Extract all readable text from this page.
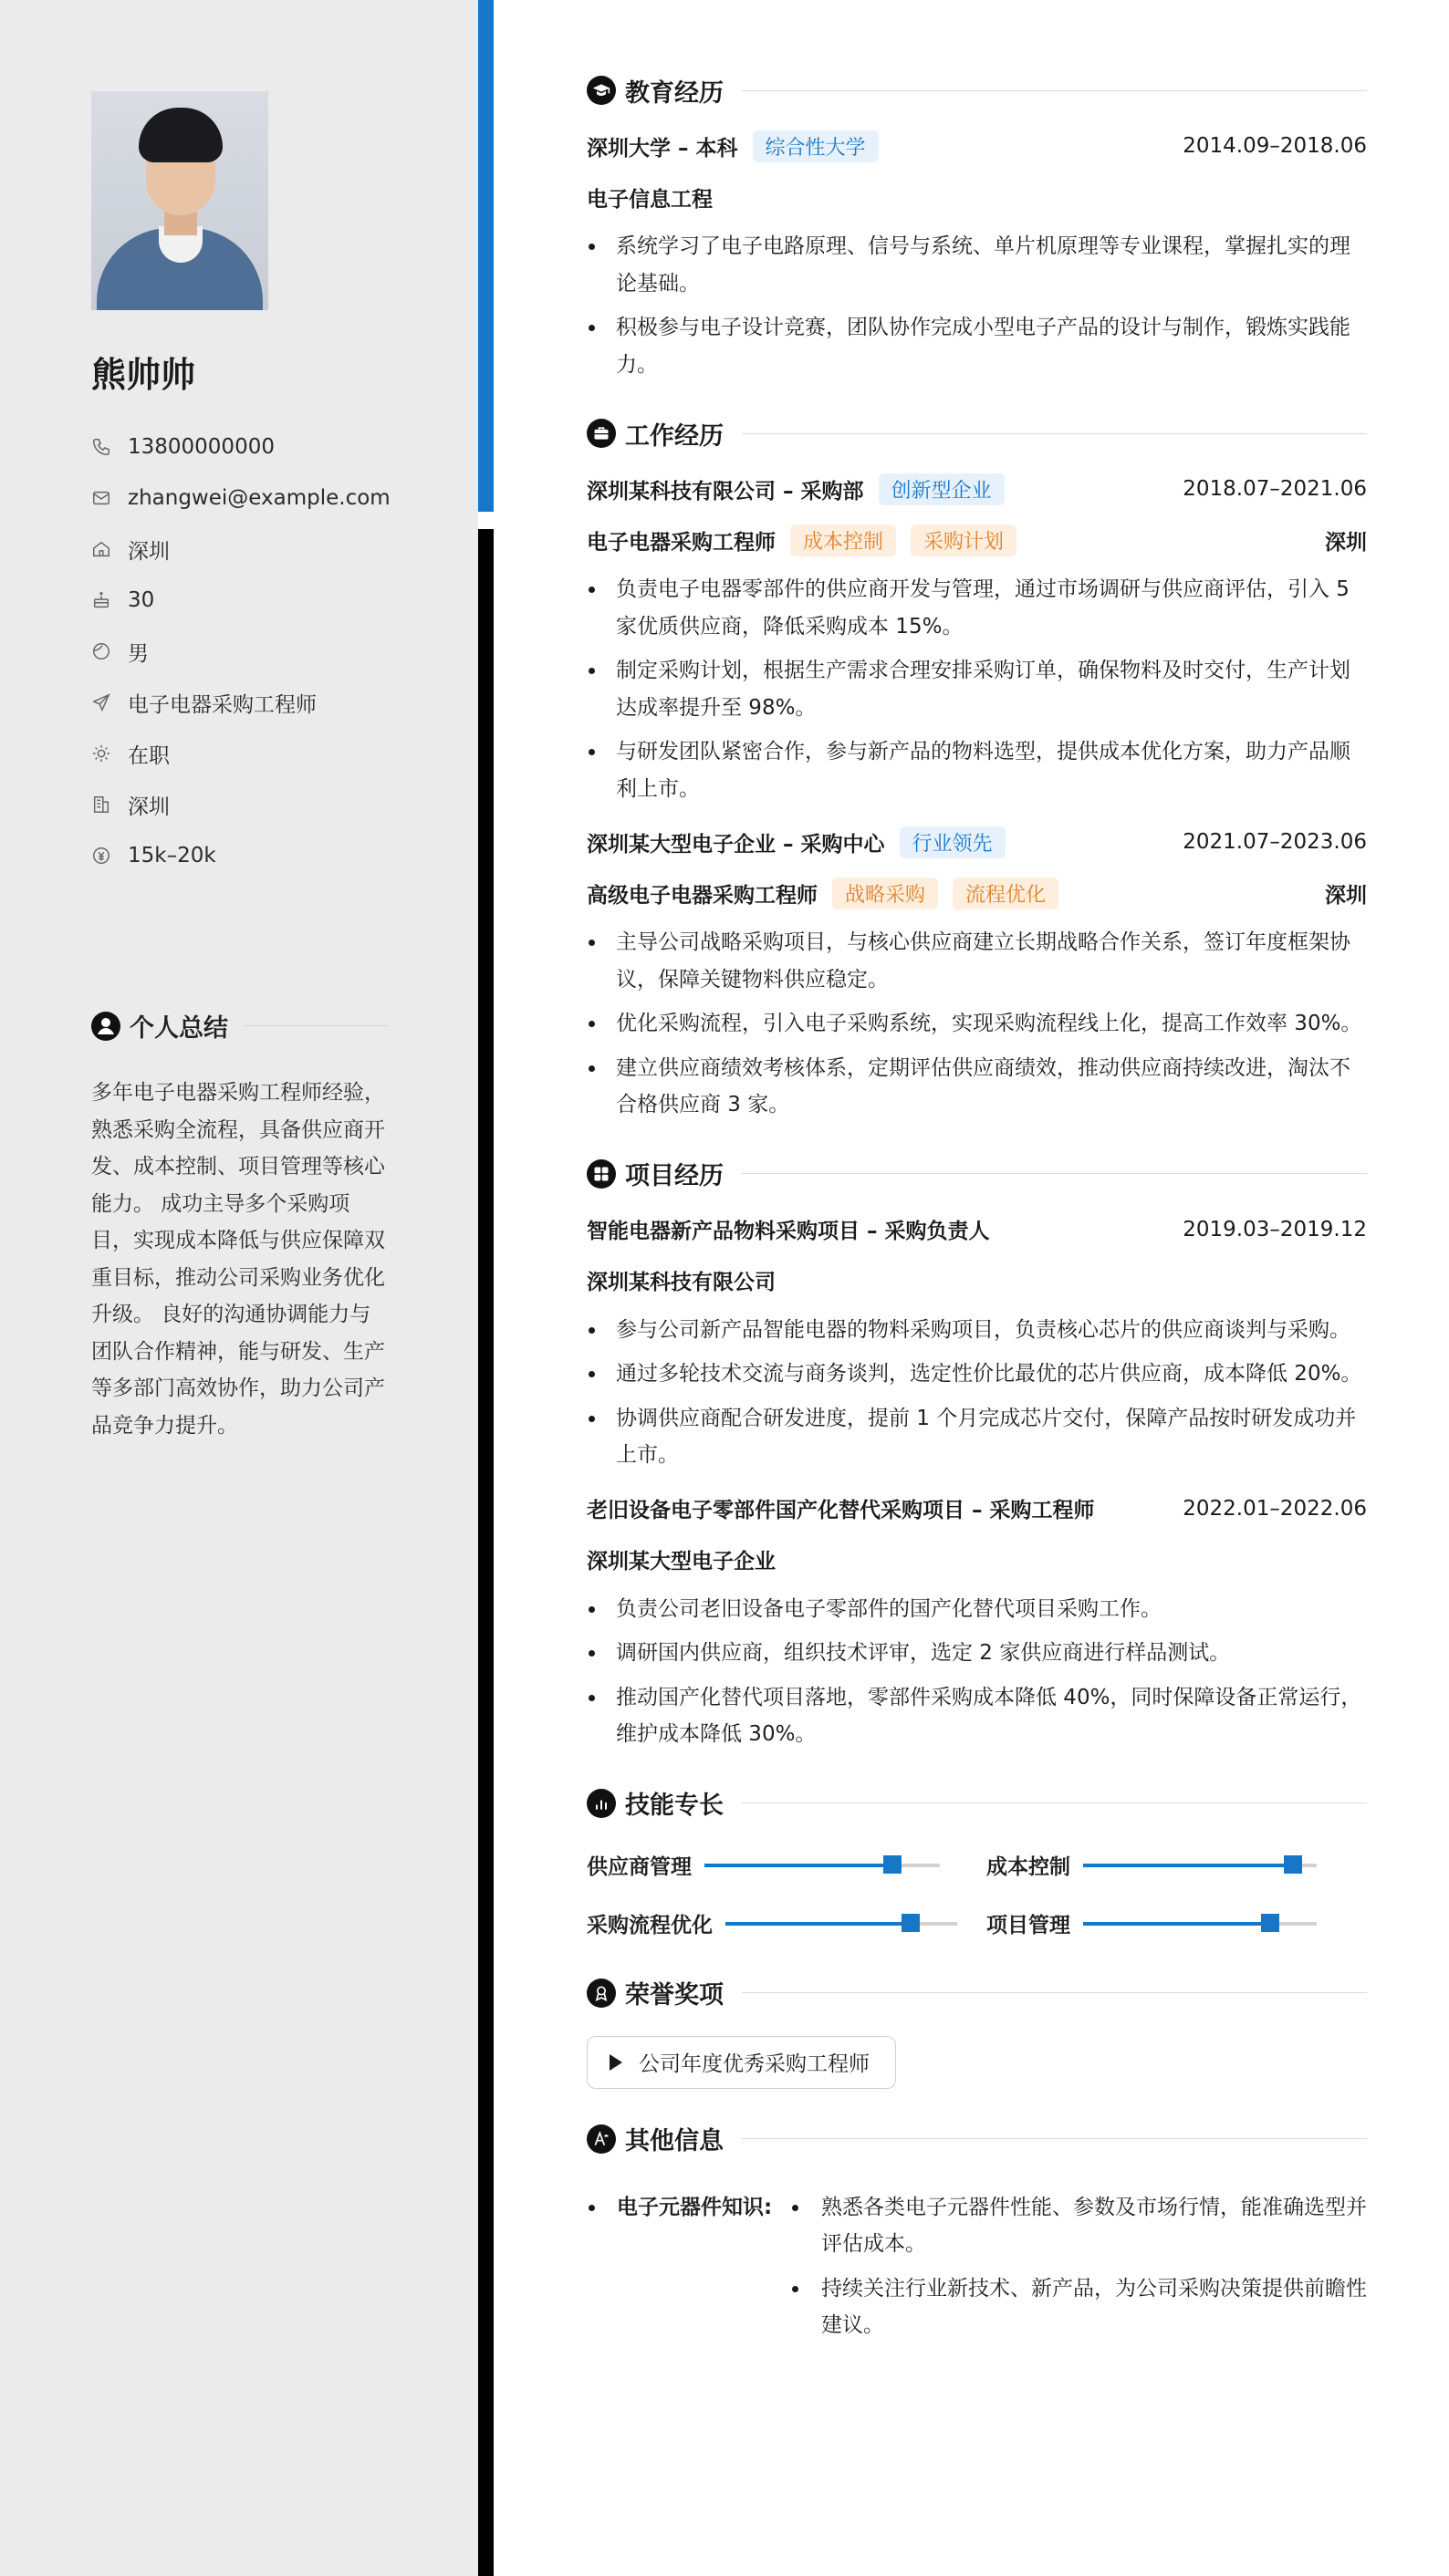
熊帅帅
13800000000
zhangwei@example.com
深圳
30
男
电子电器采购工程师
在职
深圳
15k–20k
个人总结
多年电子电器采购工程师经验，熟悉采购全流程，具备供应商开发、成本控制、项目管理等核心能力。 成功主导多个采购项目，实现成本降低与供应保障双重目标，推动公司采购业务优化升级。 良好的沟通协调能力与团队合作精神，能与研发、生产等多部门高效协作，助力公司产品竞争力提升。
教育经历
深圳大学 – 本科	综合性大学	2014.09–2018.06
电子信息工程
系统学习了电子电路原理、信号与系统、单片机原理等专业课程，掌握扎实的理论基础。
积极参与电子设计竞赛，团队协作完成小型电子产品的设计与制作，锻炼实践能力。
工作经历
深圳某科技有限公司 – 采购部	创新型企业	2018.07–2021.06
电子电器采购工程师	成本控制	采购计划	深圳
负责电子电器零部件的供应商开发与管理，通过市场调研与供应商评估，引入 5 家优质供应商，降低采购成本 15%。
制定采购计划，根据生产需求合理安排采购订单，确保物料及时交付，生产计划达成率提升至 98%。
与研发团队紧密合作，参与新产品的物料选型，提供成本优化方案，助力产品顺利上市。
深圳某大型电子企业 – 采购中心	行业领先	2021.07–2023.06
高级电子电器采购工程师	战略采购	流程优化	深圳
主导公司战略采购项目，与核心供应商建立长期战略合作关系，签订年度框架协议，保障关键物料供应稳定。
优化采购流程，引入电子采购系统，实现采购流程线上化，提高工作效率 30%。
建立供应商绩效考核体系，定期评估供应商绩效，推动供应商持续改进，淘汰不合格供应商 3 家。
项目经历
智能电器新产品物料采购项目 – 采购负责人	2019.03–2019.12
深圳某科技有限公司
参与公司新产品智能电器的物料采购项目，负责核心芯片的供应商谈判与采购。
通过多轮技术交流与商务谈判，选定性价比最优的芯片供应商，成本降低 20%。
协调供应商配合研发进度，提前 1 个月完成芯片交付，保障产品按时研发成功并上市。
老旧设备电子零部件国产化替代采购项目 – 采购工程师	2022.01–2022.06
深圳某大型电子企业
负责公司老旧设备电子零部件的国产化替代项目采购工作。
调研国内供应商，组织技术评审，选定 2 家供应商进行样品测试。
推动国产化替代项目落地，零部件采购成本降低 40%，同时保障设备正常运行，维护成本降低 30%。
技能专长
供应商管理	成本控制
采购流程优化	项目管理
荣誉奖项
公司年度优秀采购工程师
其他信息
电子元器件知识:	熟悉各类电子元器件性能、参数及市场行情，能准确选型并评估成本。
持续关注行业新技术、新产品，为公司采购决策提供前瞻性建议。
